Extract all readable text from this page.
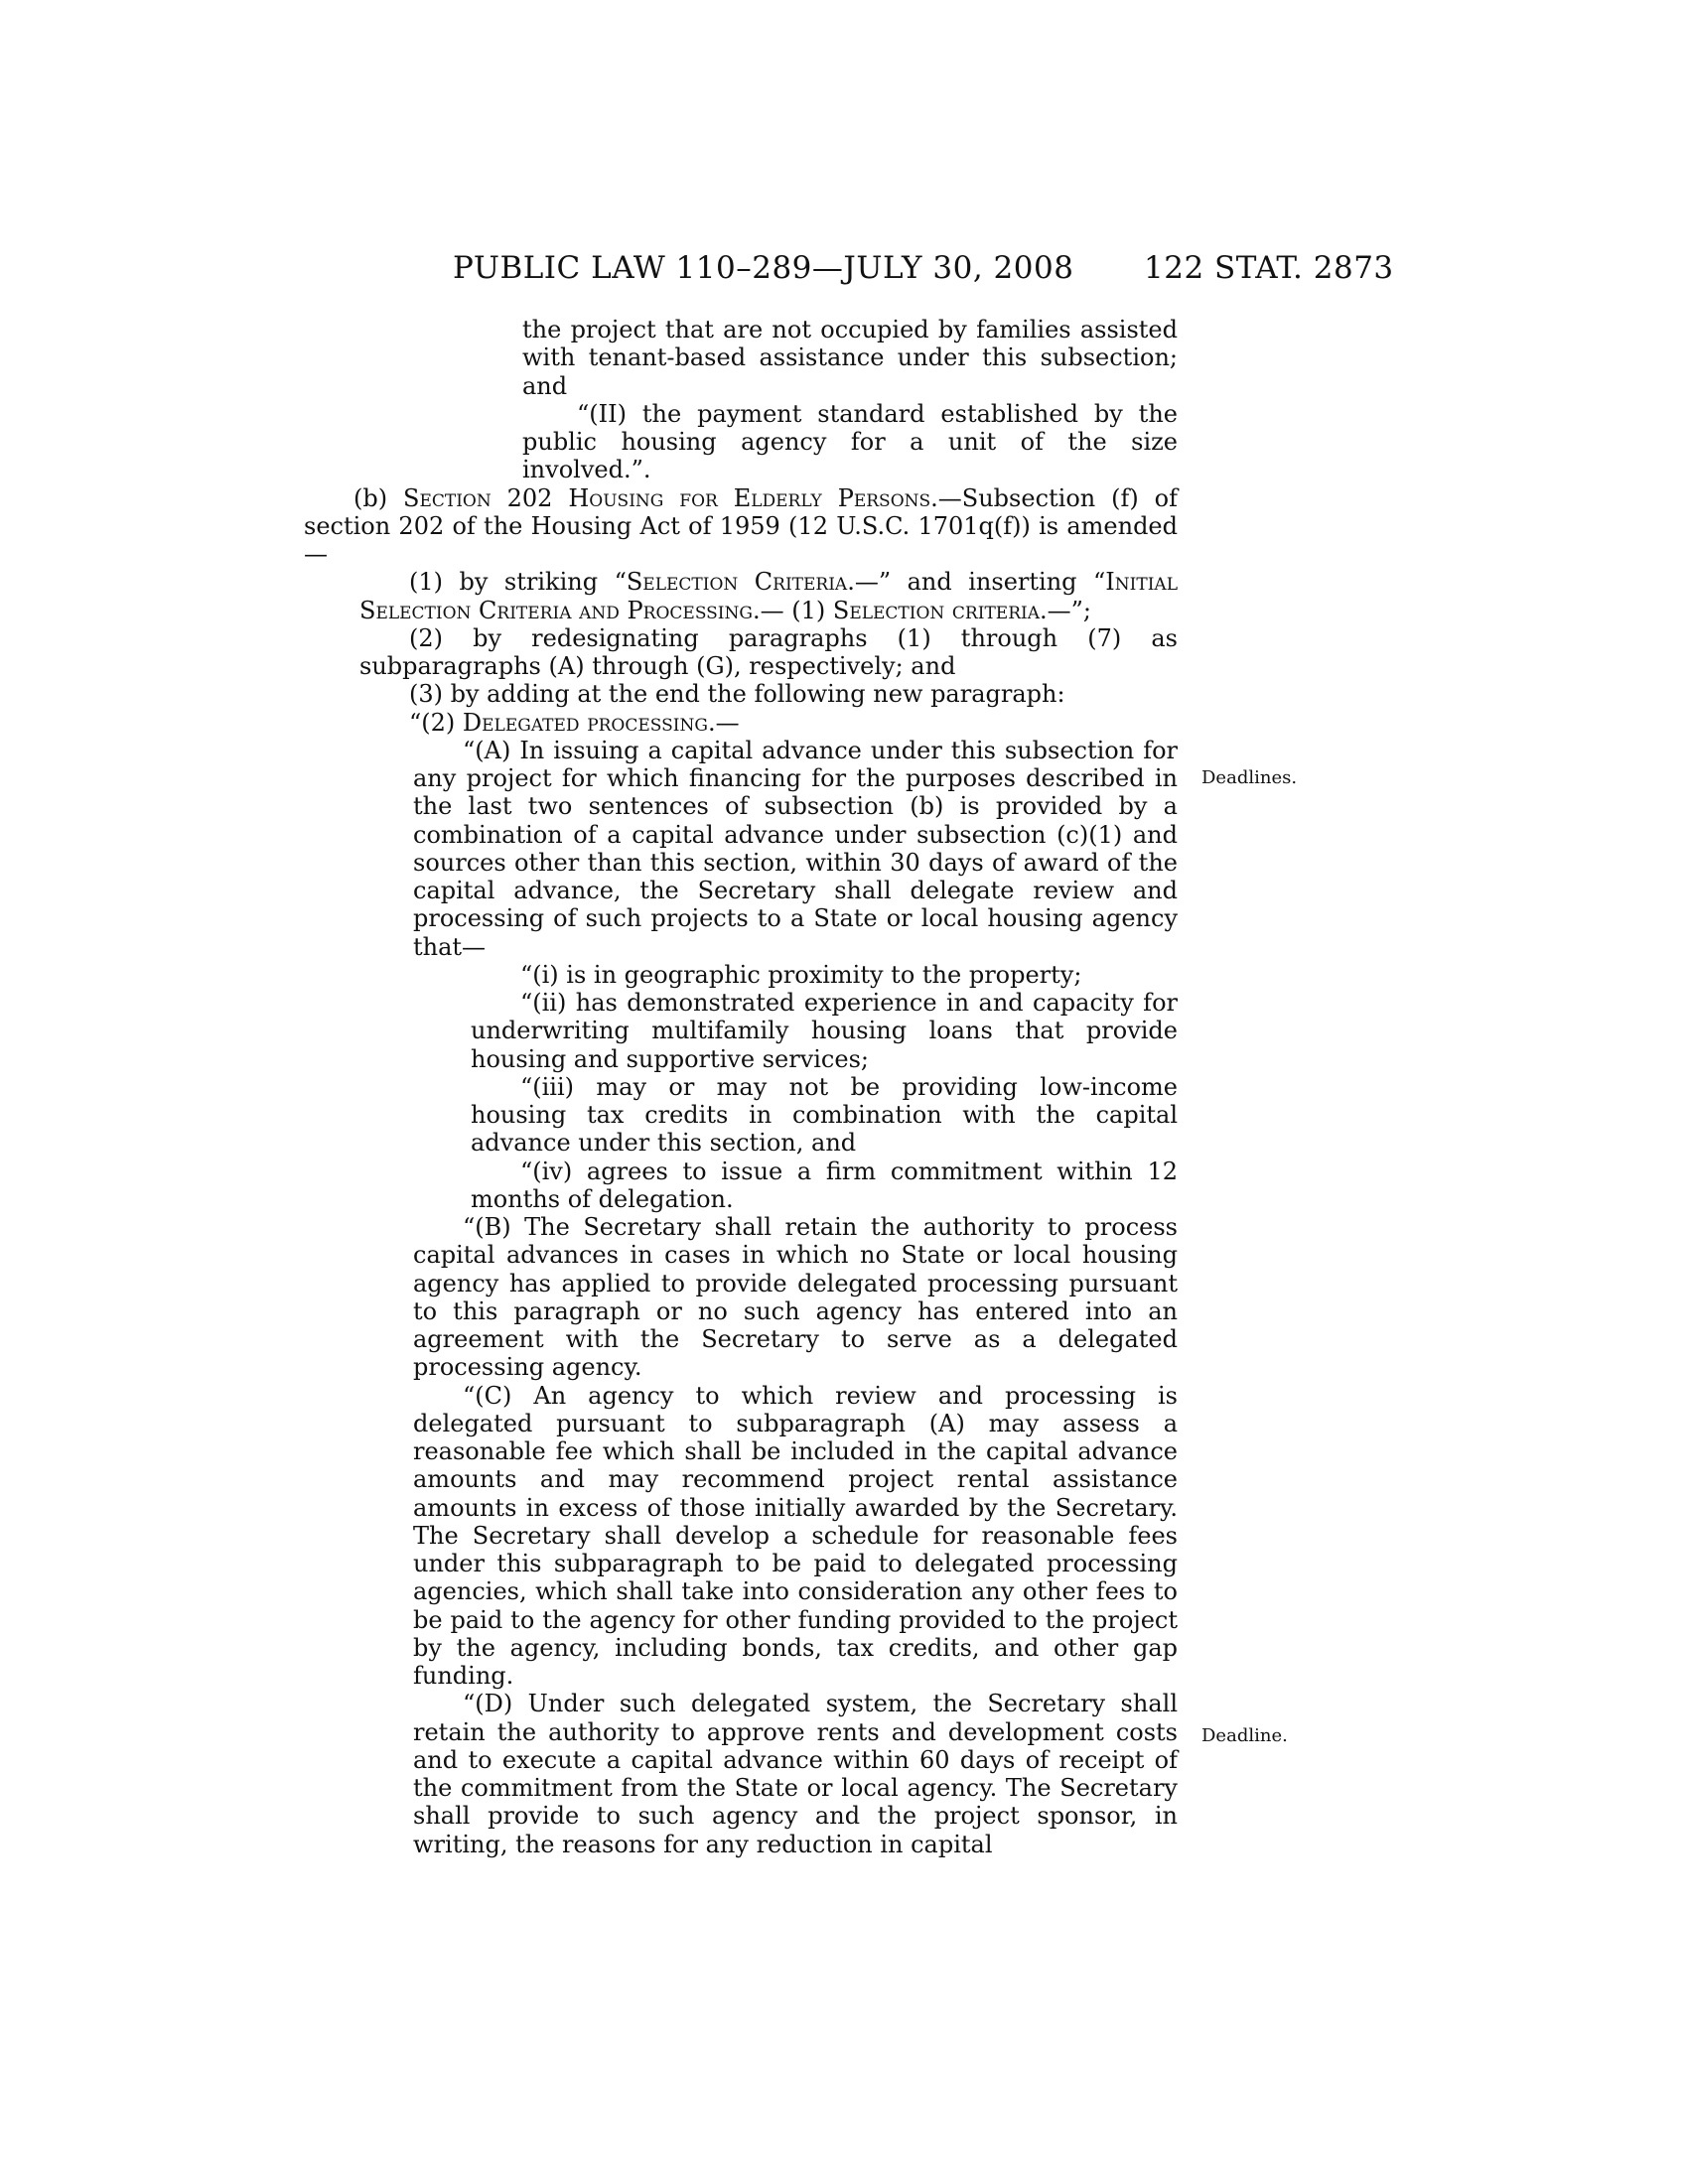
PUBLIC LAW 110–289—JULY 30, 2008 122 STAT. 2873
Deadlines.
Deadline.

the project that are not occupied by families assisted with tenant-based assistance under this subsection; and

“(II) the payment standard established by the public housing agency for a unit of the size involved.”.

(b) Section 202 Housing for Elderly Persons.—Subsection (f) of section 202 of the Housing Act of 1959 (12 U.S.C. 1701q(f)) is amended—

(1) by striking “Selection Criteria.—” and inserting “Initial Selection Criteria and Processing.— (1) Selection criteria.—”;

(2) by redesignating paragraphs (1) through (7) as subparagraphs (A) through (G), respectively; and

(3) by adding at the end the following new paragraph:

“(2) Delegated processing.—

“(A) In issuing a capital advance under this subsection for any project for which financing for the purposes described in the last two sentences of subsection (b) is provided by a combination of a capital advance under subsection (c)(1) and sources other than this section, within 30 days of award of the capital advance, the Secretary shall delegate review and processing of such projects to a State or local housing agency that—

“(i) is in geographic proximity to the property;

“(ii) has demonstrated experience in and capacity for underwriting multifamily housing loans that provide housing and supportive services;

“(iii) may or may not be providing low-income housing tax credits in combination with the capital advance under this section, and

“(iv) agrees to issue a firm commitment within 12 months of delegation.

“(B) The Secretary shall retain the authority to process capital advances in cases in which no State or local housing agency has applied to provide delegated processing pursuant to this paragraph or no such agency has entered into an agreement with the Secretary to serve as a delegated processing agency.

“(C) An agency to which review and processing is delegated pursuant to subparagraph (A) may assess a reasonable fee which shall be included in the capital advance amounts and may recommend project rental assistance amounts in excess of those initially awarded by the Secretary. The Secretary shall develop a schedule for reasonable fees under this subparagraph to be paid to delegated processing agencies, which shall take into consideration any other fees to be paid to the agency for other funding provided to the project by the agency, including bonds, tax credits, and other gap funding.

“(D) Under such delegated system, the Secretary shall retain the authority to approve rents and development costs and to execute a capital advance within 60 days of receipt of the commitment from the State or local agency. The Secretary shall provide to such agency and the project sponsor, in writing, the reasons for any reduction in capital
